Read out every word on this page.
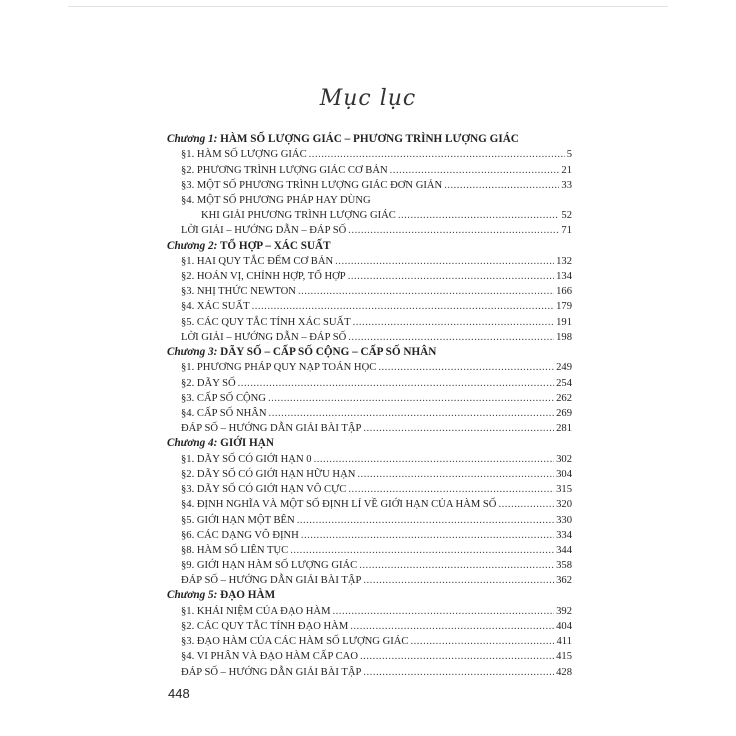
Mục lục
Chương 1: HÀM SỐ LƯỢNG GIÁC – PHƯƠNG TRÌNH LƯỢNG GIÁC
§1. HÀM SỐ LƯỢNG GIÁC .....	5
§2. PHƯƠNG TRÌNH LƯỢNG GIÁC CƠ BẢN .....	21
§3. MỘT SỐ PHƯƠNG TRÌNH LƯỢNG GIÁC ĐƠN GIẢN .....	33
§4. MỘT SỐ PHƯƠNG PHÁP HAY DÙNG
KHI GIẢI PHƯƠNG TRÌNH LƯỢNG GIÁC .....	52
LỜI GIẢI – HƯỚNG DẪN – ĐÁP SỐ .....	71
Chương 2: TỔ HỢP – XÁC SUẤT
§1. HAI QUY TẮC ĐẾM CƠ BẢN .....	132
§2. HOÁN VỊ, CHỈNH HỢP, TỔ HỢP .....	134
§3. NHỊ THỨC NEWTON .....	166
§4. XÁC SUẤT .....	179
§5. CÁC QUY TẮC TÍNH XÁC SUẤT .....	191
LỜI GIẢI – HƯỚNG DẪN – ĐÁP SỐ .....	198
Chương 3: DÃY SỐ – CẤP SỐ CỘNG – CẤP SỐ NHÂN
§1. PHƯƠNG PHÁP QUY NẠP TOÁN HỌC .....	249
§2. DÃY SỐ .....	254
§3. CẤP SỐ CỘNG .....	262
§4. CẤP SỐ NHÂN .....	269
ĐÁP SỐ – HƯỚNG DẪN GIẢI BÀI TẬP .....	281
Chương 4: GIỚI HẠN
§1. DÃY SỐ CÓ GIỚI HẠN 0 .....	302
§2. DÃY SỐ CÓ GIỚI HẠN HỮU HẠN .....	304
§3. DÃY SỐ CÓ GIỚI HẠN VÔ CỰC .....	315
§4. ĐỊNH NGHĨA VÀ MỘT SỐ ĐỊNH LÍ VỀ GIỚI HẠN CỦA HÀM SỐ .....	320
§5. GIỚI HẠN MỘT BÊN .....	330
§6. CÁC DẠNG VÔ ĐỊNH .....	334
§8. HÀM SỐ LIÊN TỤC .....	344
§9. GIỚI HẠN HÀM SỐ LƯỢNG GIÁC .....	358
ĐÁP SỐ – HƯỚNG DẪN GIẢI BÀI TẬP .....	362
Chương 5: ĐẠO HÀM
§1. KHÁI NIỆM CỦA ĐẠO HÀM .....	392
§2. CÁC QUY TẮC TÍNH ĐẠO HÀM .....	404
§3. ĐẠO HÀM CỦA CÁC HÀM SỐ LƯỢNG GIÁC .....	411
§4. VI PHÂN VÀ ĐẠO HÀM CẤP CAO .....	415
ĐÁP SỐ – HƯỚNG DẪN GIẢI BÀI TẬP .....	428
448
